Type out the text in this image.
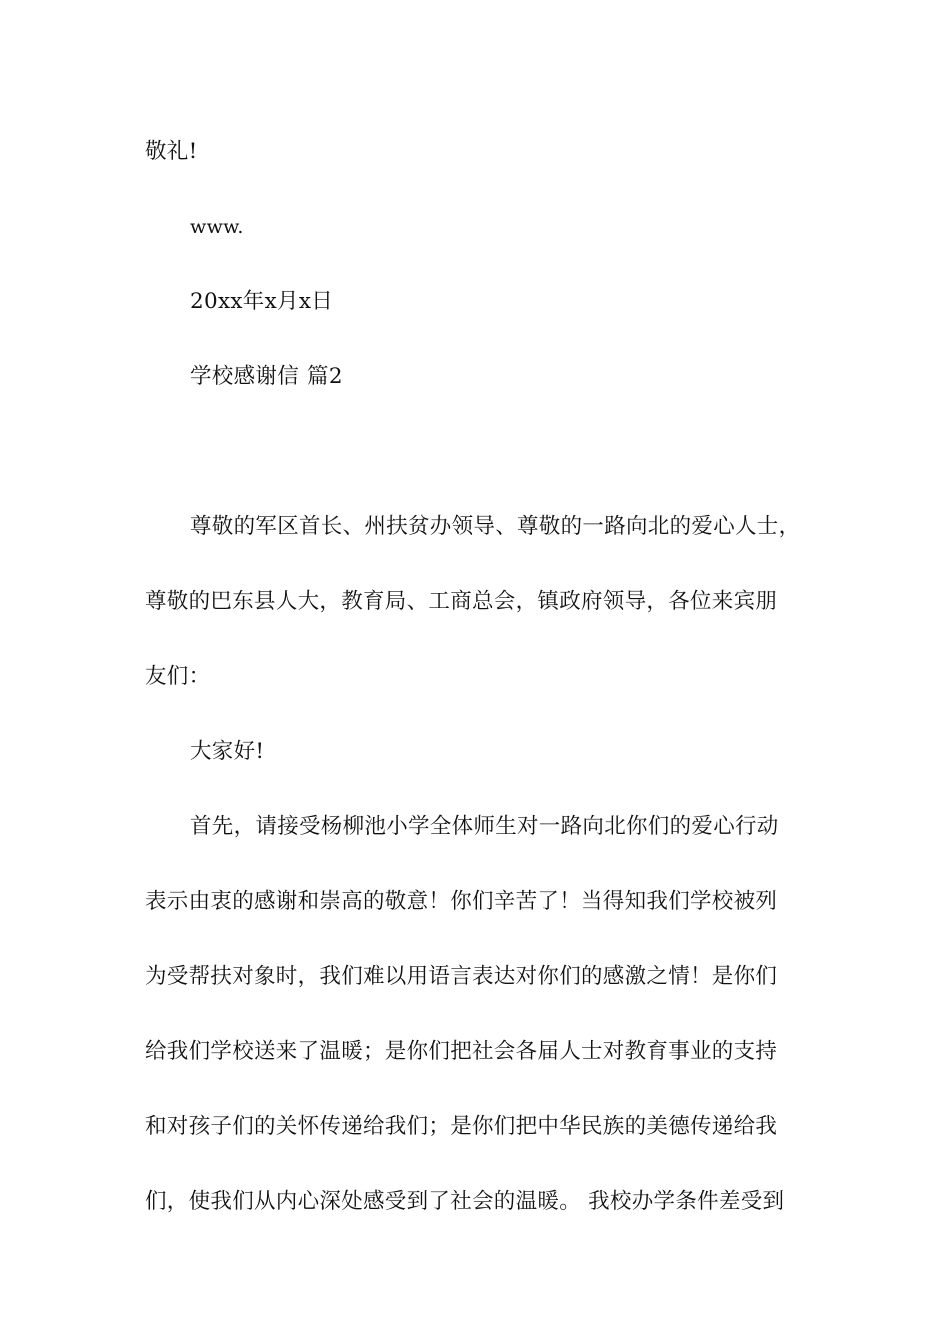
敬礼!
www.
20xx年x月x日
学校感谢信 篇2
尊敬的军区首长、州扶贫办领导、尊敬的一路向北的爱心人士，
尊敬的巴东县人大，教育局、工商总会，镇政府领导，各位来宾朋
友们：
大家好!
首先，请接受杨柳池小学全体师生对一路向北你们的爱心行动
表示由衷的感谢和崇高的敬意！你们辛苦了！当得知我们学校被列
为受帮扶对象时，我们难以用语言表达对你们的感激之情！是你们
给我们学校送来了温暖；是你们把社会各届人士对教育事业的支持
和对孩子们的关怀传递给我们；是你们把中华民族的美德传递给我
们，使我们从内心深处感受到了社会的温暖。 我校办学条件差受到
